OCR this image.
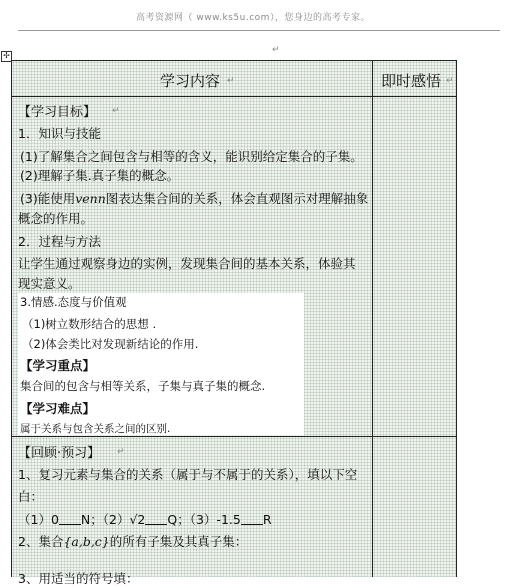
高考资源网（ www.ks5u.com），您身边的高考专家。
↵
✢
学习内容 ↵	即时感悟 ↵
【学习目标】 ↵
1．知识与技能
(1)了解集合之间包含与相等的含义，能识别给定集合的子集。
(2)理解子集.真子集的概念。
(3)能使用venn图表达集合间的关系，体会直观图示对理解抽象
概念的作用。
2．过程与方法
让学生通过观察身边的实例，发现集合间的基本关系，体验其
现实意义。
3.情感.态度与价值观
（1)树立数形结合的思想 .
（2)体会类比对发现新结论的作用.
【学习重点】
集合间的包含与相等关系，子集与真子集的概念.
【学习难点】
属于关系与包含关系之间的区别.
【回顾·预习】 ↵
1、复习元素与集合的关系（属于与不属于的关系），填以下空
白：
（1）0 N；（2）√2 Q；（3）-1.5 R
2、集合{a,b,c}的所有子集及其真子集：
3、用适当的符号填：
